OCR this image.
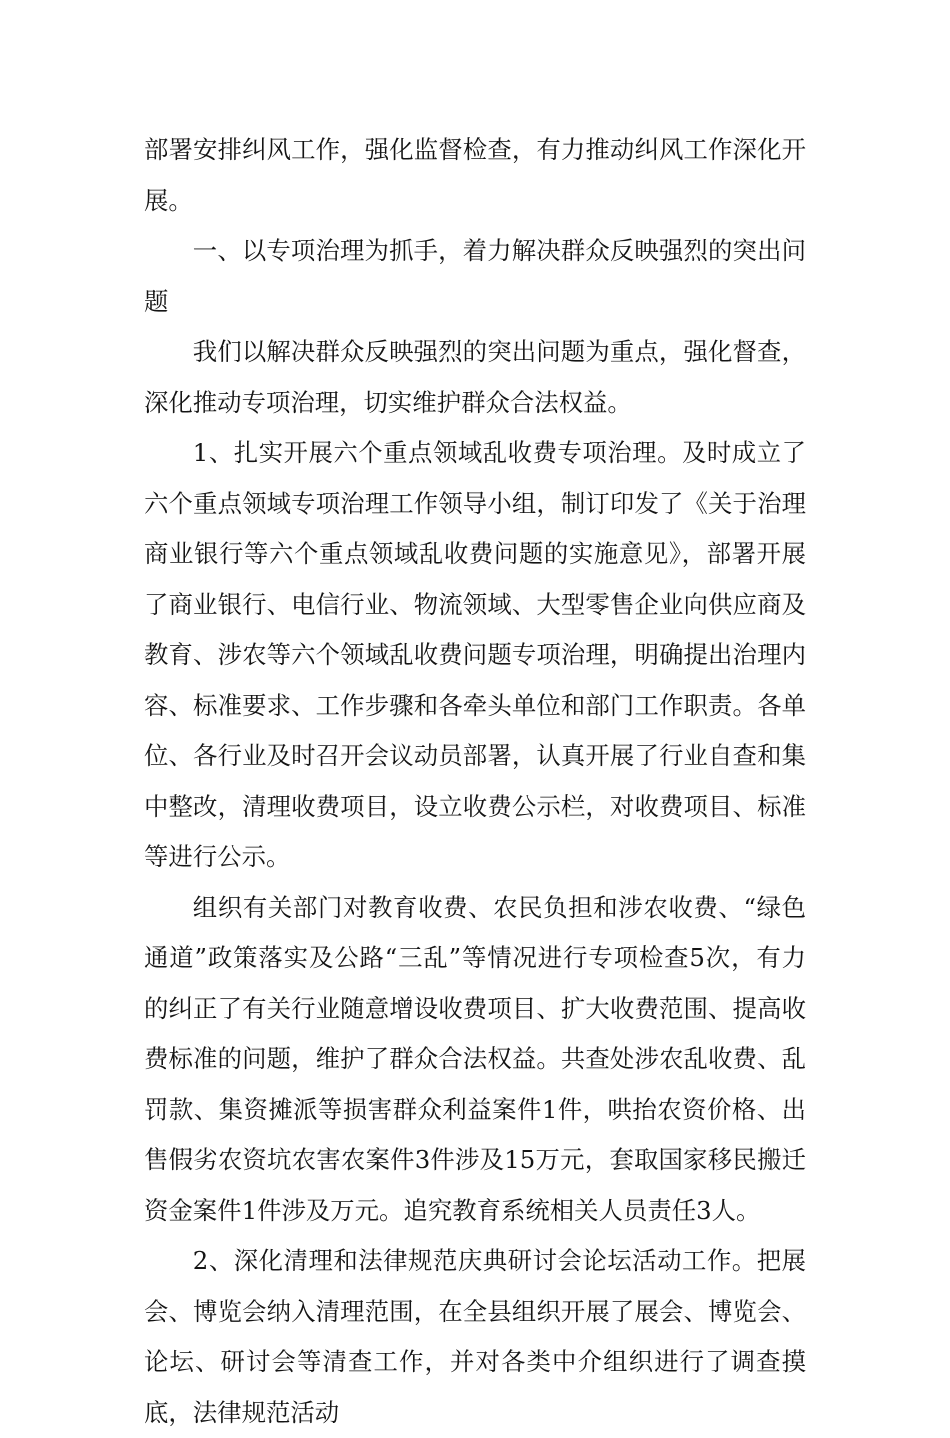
部署安排纠风工作，强化监督检查，有力推动纠风工作深化开展。

一、以专项治理为抓手，着力解决群众反映强烈的突出问题

我们以解决群众反映强烈的突出问题为重点，强化督查，深化推动专项治理，切实维护群众合法权益。

1、扎实开展六个重点领域乱收费专项治理。及时成立了六个重点领域专项治理工作领导小组，制订印发了《关于治理商业银行等六个重点领域乱收费问题的实施意见》，部署开展了商业银行、电信行业、物流领域、大型零售企业向供应商及教育、涉农等六个领域乱收费问题专项治理，明确提出治理内容、标准要求、工作步骤和各牵头单位和部门工作职责。各单位、各行业及时召开会议动员部署，认真开展了行业自查和集中整改，清理收费项目，设立收费公示栏，对收费项目、标准等进行公示。

组织有关部门对教育收费、农民负担和涉农收费、“绿色通道”政策落实及公路“三乱”等情况进行专项检查5次，有力的纠正了有关行业随意增设收费项目、扩大收费范围、提高收费标准的问题，维护了群众合法权益。共查处涉农乱收费、乱罚款、集资摊派等损害群众利益案件1件，哄抬农资价格、出售假劣农资坑农害农案件3件涉及15万元，套取国家移民搬迁资金案件1件涉及万元。追究教育系统相关人员责任3人。

2、深化清理和法律规范庆典研讨会论坛活动工作。把展会、博览会纳入清理范围，在全县组织开展了展会、博览会、论坛、研讨会等清查工作，并对各类中介组织进行了调查摸底，法律规范活动
